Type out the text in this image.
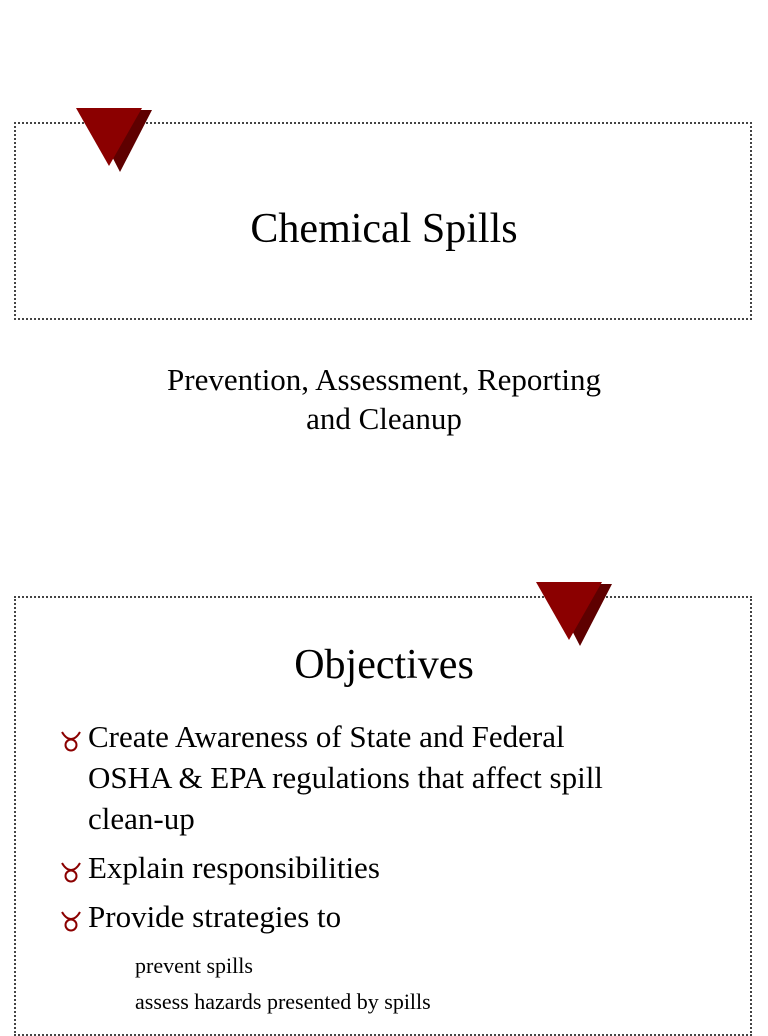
Chemical Spills
Prevention, Assessment, Reporting
and Cleanup
Objectives
Create Awareness of State and Federal
OSHA & EPA regulations that affect spill
clean-up
Explain responsibilities
Provide strategies to
prevent spills
assess hazards presented by spills
